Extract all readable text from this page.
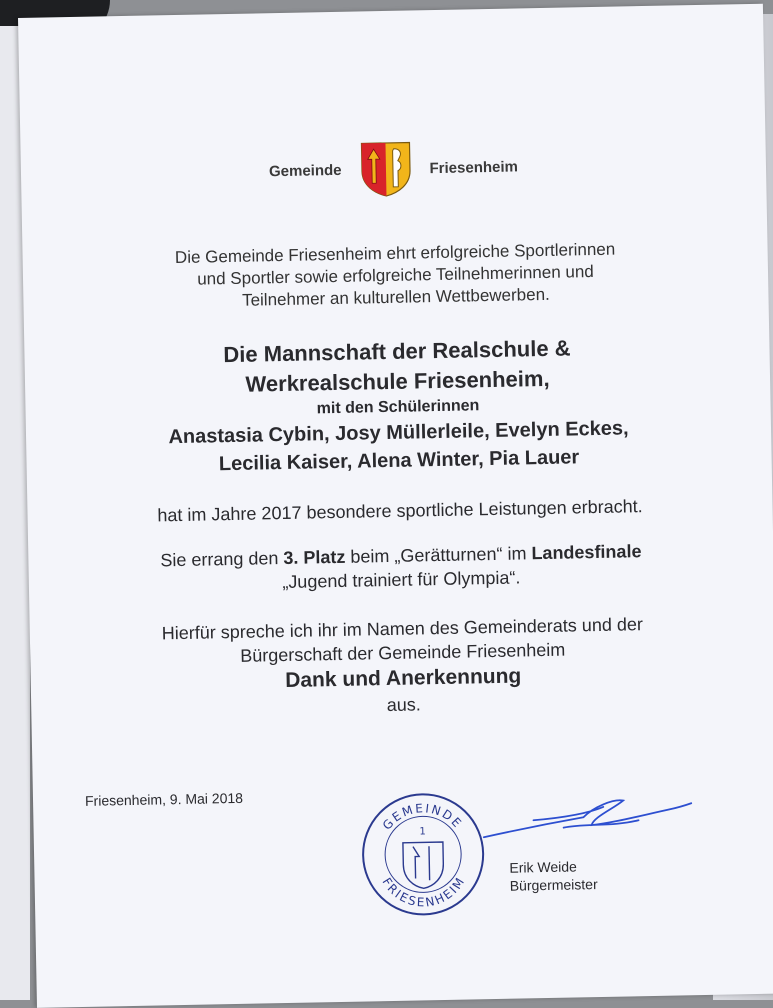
Gemeinde	Friesenheim
Die Gemeinde Friesenheim ehrt erfolgreiche Sportlerinnen
und Sportler sowie erfolgreiche Teilnehmerinnen und
Teilnehmer an kulturellen Wettbewerben.
Die Mannschaft der Realschule &
Werkrealschule Friesenheim,
mit den Schülerinnen
Anastasia Cybin, Josy Müllerleile, Evelyn Eckes,
Lecilia Kaiser, Alena Winter, Pia Lauer
hat im Jahre 2017 besondere sportliche Leistungen erbracht.
Sie errang den 3. Platz beim „Gerätturnen“ im Landesfinale
„Jugend trainiert für Olympia“.
Hierfür spreche ich ihr im Namen des Gemeinderats und der
Bürgerschaft der Gemeinde Friesenheim
Dank und Anerkennung
aus.
Friesenheim, 9. Mai 2018
GEMEINDE
FRIESENHEIM
1
Erik Weide
Bürgermeister
